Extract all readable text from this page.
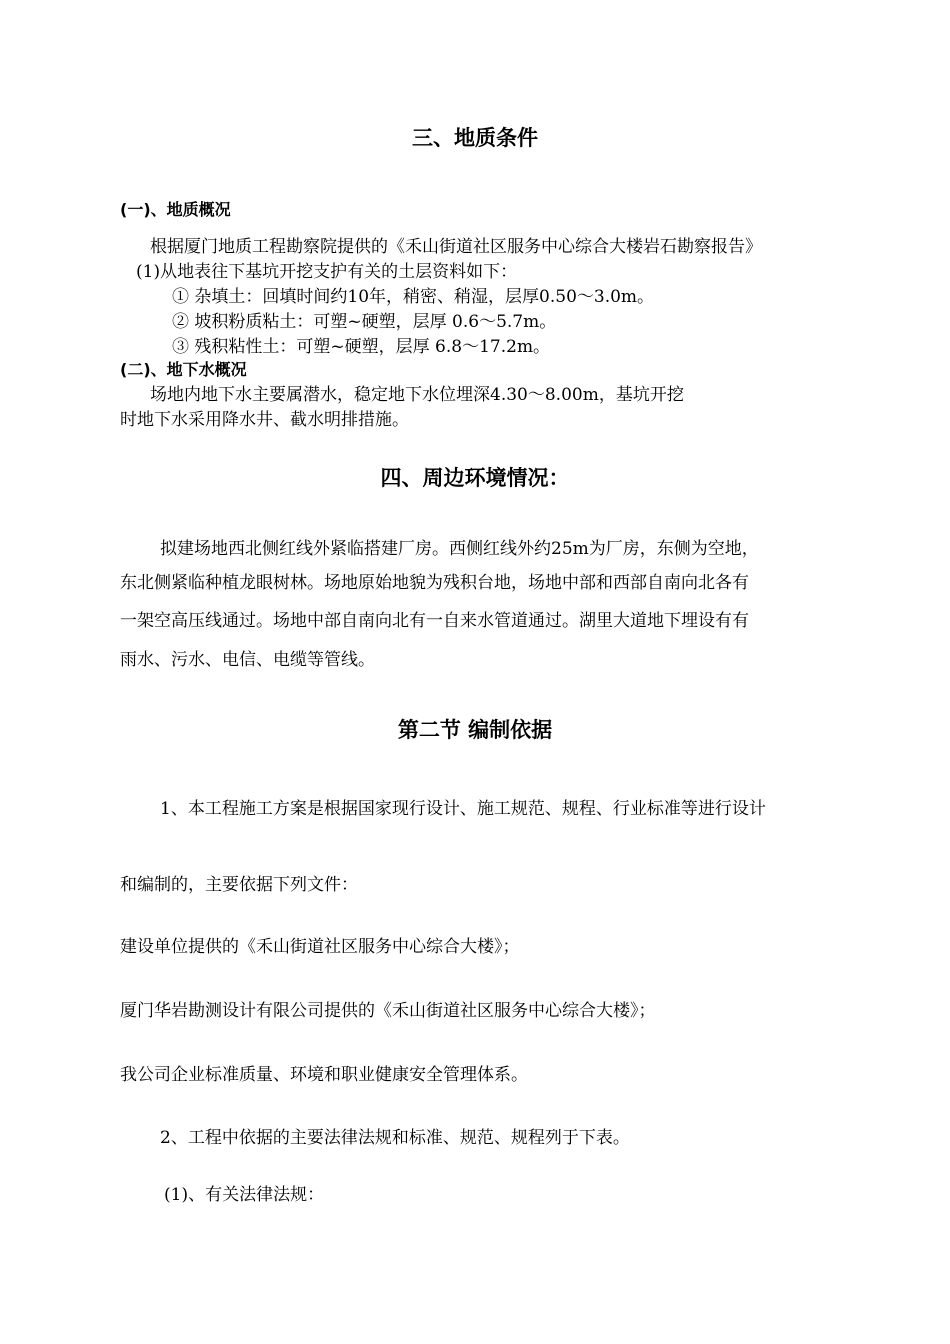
三、地质条件
(一)、地质概况
根据厦门地质工程勘察院提供的《禾山街道社区服务中心综合大楼岩石勘察报告》
(1)从地表往下基坑开挖支护有关的土层资料如下：
① 杂填土：回填时间约10年，稍密、稍湿，层厚0.50～3.0m。
② 坡积粉质粘土：可塑~硬塑，层厚 0.6～5.7m。
③ 残积粘性土：可塑~硬塑，层厚 6.8～17.2m。
(二)、地下水概况
场地内地下水主要属潜水，稳定地下水位埋深4.30～8.00m，基坑开挖
时地下水采用降水井、截水明排措施。
四、周边环境情况：
拟建场地西北侧红线外紧临搭建厂房。西侧红线外约25m为厂房，东侧为空地，
东北侧紧临种植龙眼树林。场地原始地貌为残积台地，场地中部和西部自南向北各有
一架空高压线通过。场地中部自南向北有一自来水管道通过。湖里大道地下埋设有有
雨水、污水、电信、电缆等管线。
第二节 编制依据
1、本工程施工方案是根据国家现行设计、施工规范、规程、行业标准等进行设计
和编制的，主要依据下列文件：
建设单位提供的《禾山街道社区服务中心综合大楼》；
厦门华岩勘测设计有限公司提供的《禾山街道社区服务中心综合大楼》；
我公司企业标准质量、环境和职业健康安全管理体系。
2、工程中依据的主要法律法规和标准、规范、规程列于下表。
(1)、有关法律法规：
